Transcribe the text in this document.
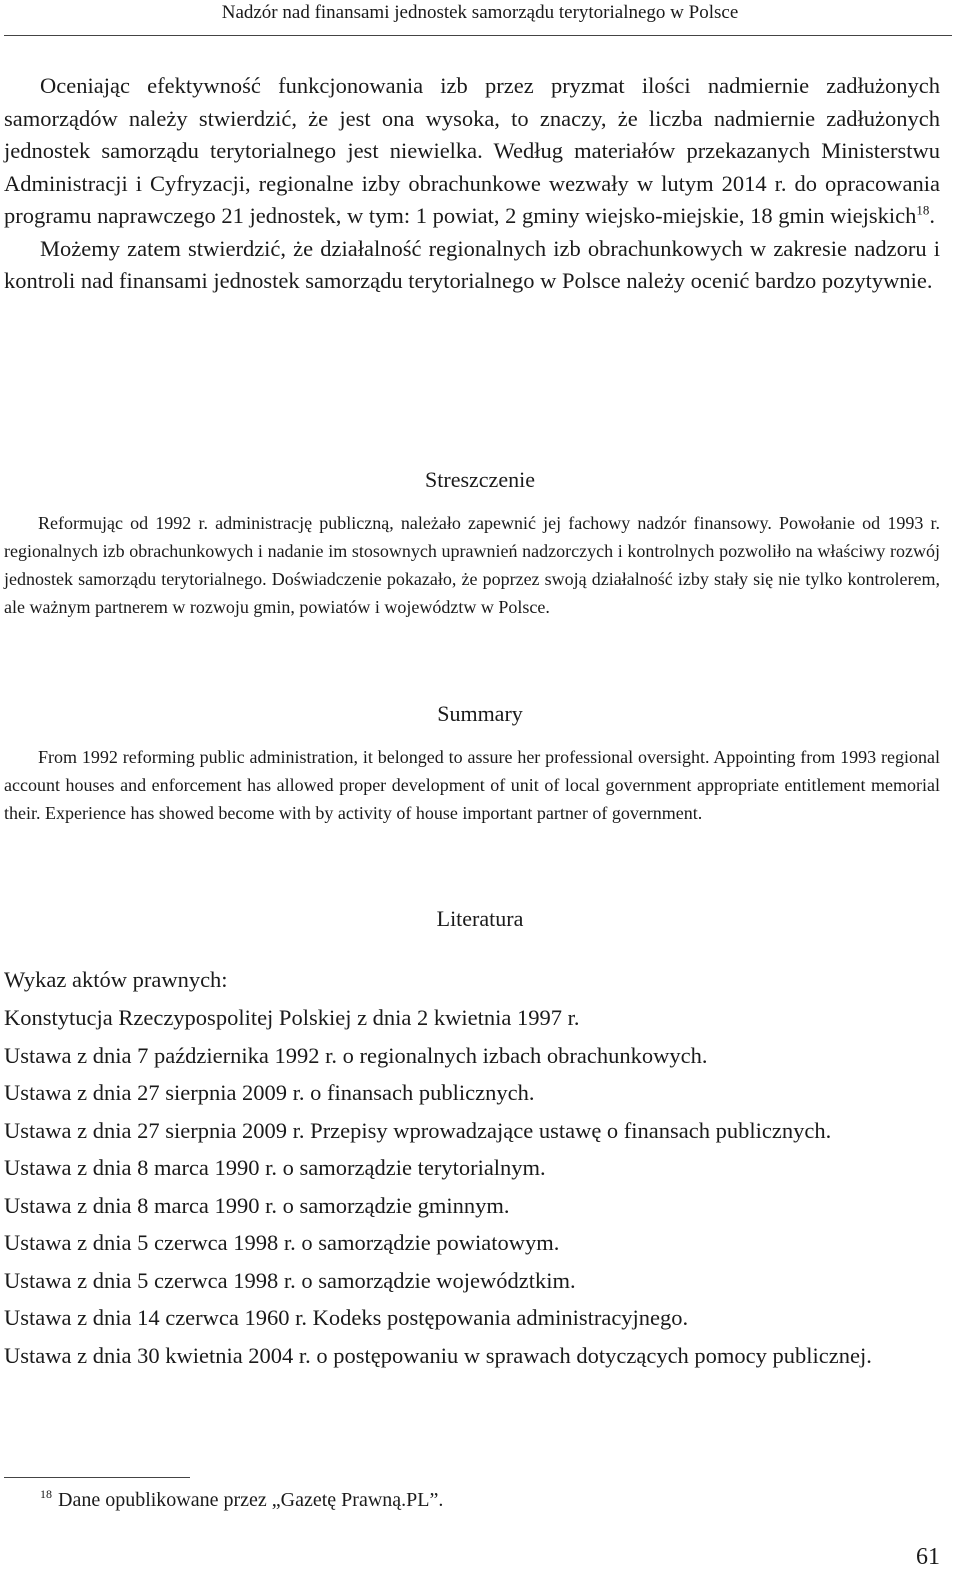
Nadzór nad finansami jednostek samorządu terytorialnego w Polsce

Oceniając efektywność funkcjonowania izb przez pryzmat ilości nadmiernie zadłużonych samorządów należy stwierdzić, że jest ona wysoka, to znaczy, że liczba nadmiernie zadłużonych jednostek samorządu terytorialnego jest niewielka. Według materiałów przekazanych Ministerstwu Administracji i Cyfryzacji, regionalne izby obrachunkowe wezwały w lutym 2014 r. do opracowania programu naprawczego 21 jednostek, w tym: 1 powiat, 2 gminy wiejsko-miejskie, 18 gmin wiejskich$^{18}$.

Możemy zatem stwierdzić, że działalność regionalnych izb obrachunkowych w zakresie nadzoru i kontroli nad finansami jednostek samorządu terytorialnego w Polsce należy ocenić bardzo pozytywnie.

Streszczenie

Reformując od 1992 r. administrację publiczną, należało zapewnić jej fachowy nadzór finansowy. Powołanie od 1993 r. regionalnych izb obrachunkowych i nadanie im stosownych uprawnień nadzorczych i kontrolnych pozwoliło na właściwy rozwój jednostek samorządu terytorialnego. Doświadczenie pokazało, że poprzez swoją działalność izby stały się nie tylko kontrolerem, ale ważnym partnerem w rozwoju gmin, powiatów i województw w Polsce.

Summary

From 1992 reforming public administration, it belonged to assure her professional oversight. Appointing from 1993 regional account houses and enforcement has allowed proper development of unit of local government appropriate entitlement memorial their. Experience has showed become with by activity of house important partner of government.

Literatura
Wykaz aktów prawnych:
Konstytucja Rzeczypospolitej Polskiej z dnia 2 kwietnia 1997 r.
Ustawa z dnia 7 października 1992 r. o regionalnych izbach obrachunkowych.
Ustawa z dnia 27 sierpnia 2009 r. o finansach publicznych.
Ustawa z dnia 27 sierpnia 2009 r. Przepisy wprowadzające ustawę o finansach publicznych.
Ustawa z dnia 8 marca 1990 r. o samorządzie terytorialnym.
Ustawa z dnia 8 marca 1990 r. o samorządzie gminnym.
Ustawa z dnia 5 czerwca 1998 r. o samorządzie powiatowym.
Ustawa z dnia 5 czerwca 1998 r. o samorządzie województkim.
Ustawa z dnia 14 czerwca 1960 r. Kodeks postępowania administracyjnego.
Ustawa z dnia 30 kwietnia 2004 r. o postępowaniu w sprawach dotyczących pomocy publicznej.
$^{18}$ Dane opublikowane przez „Gazetę Prawną.PL”.
61
